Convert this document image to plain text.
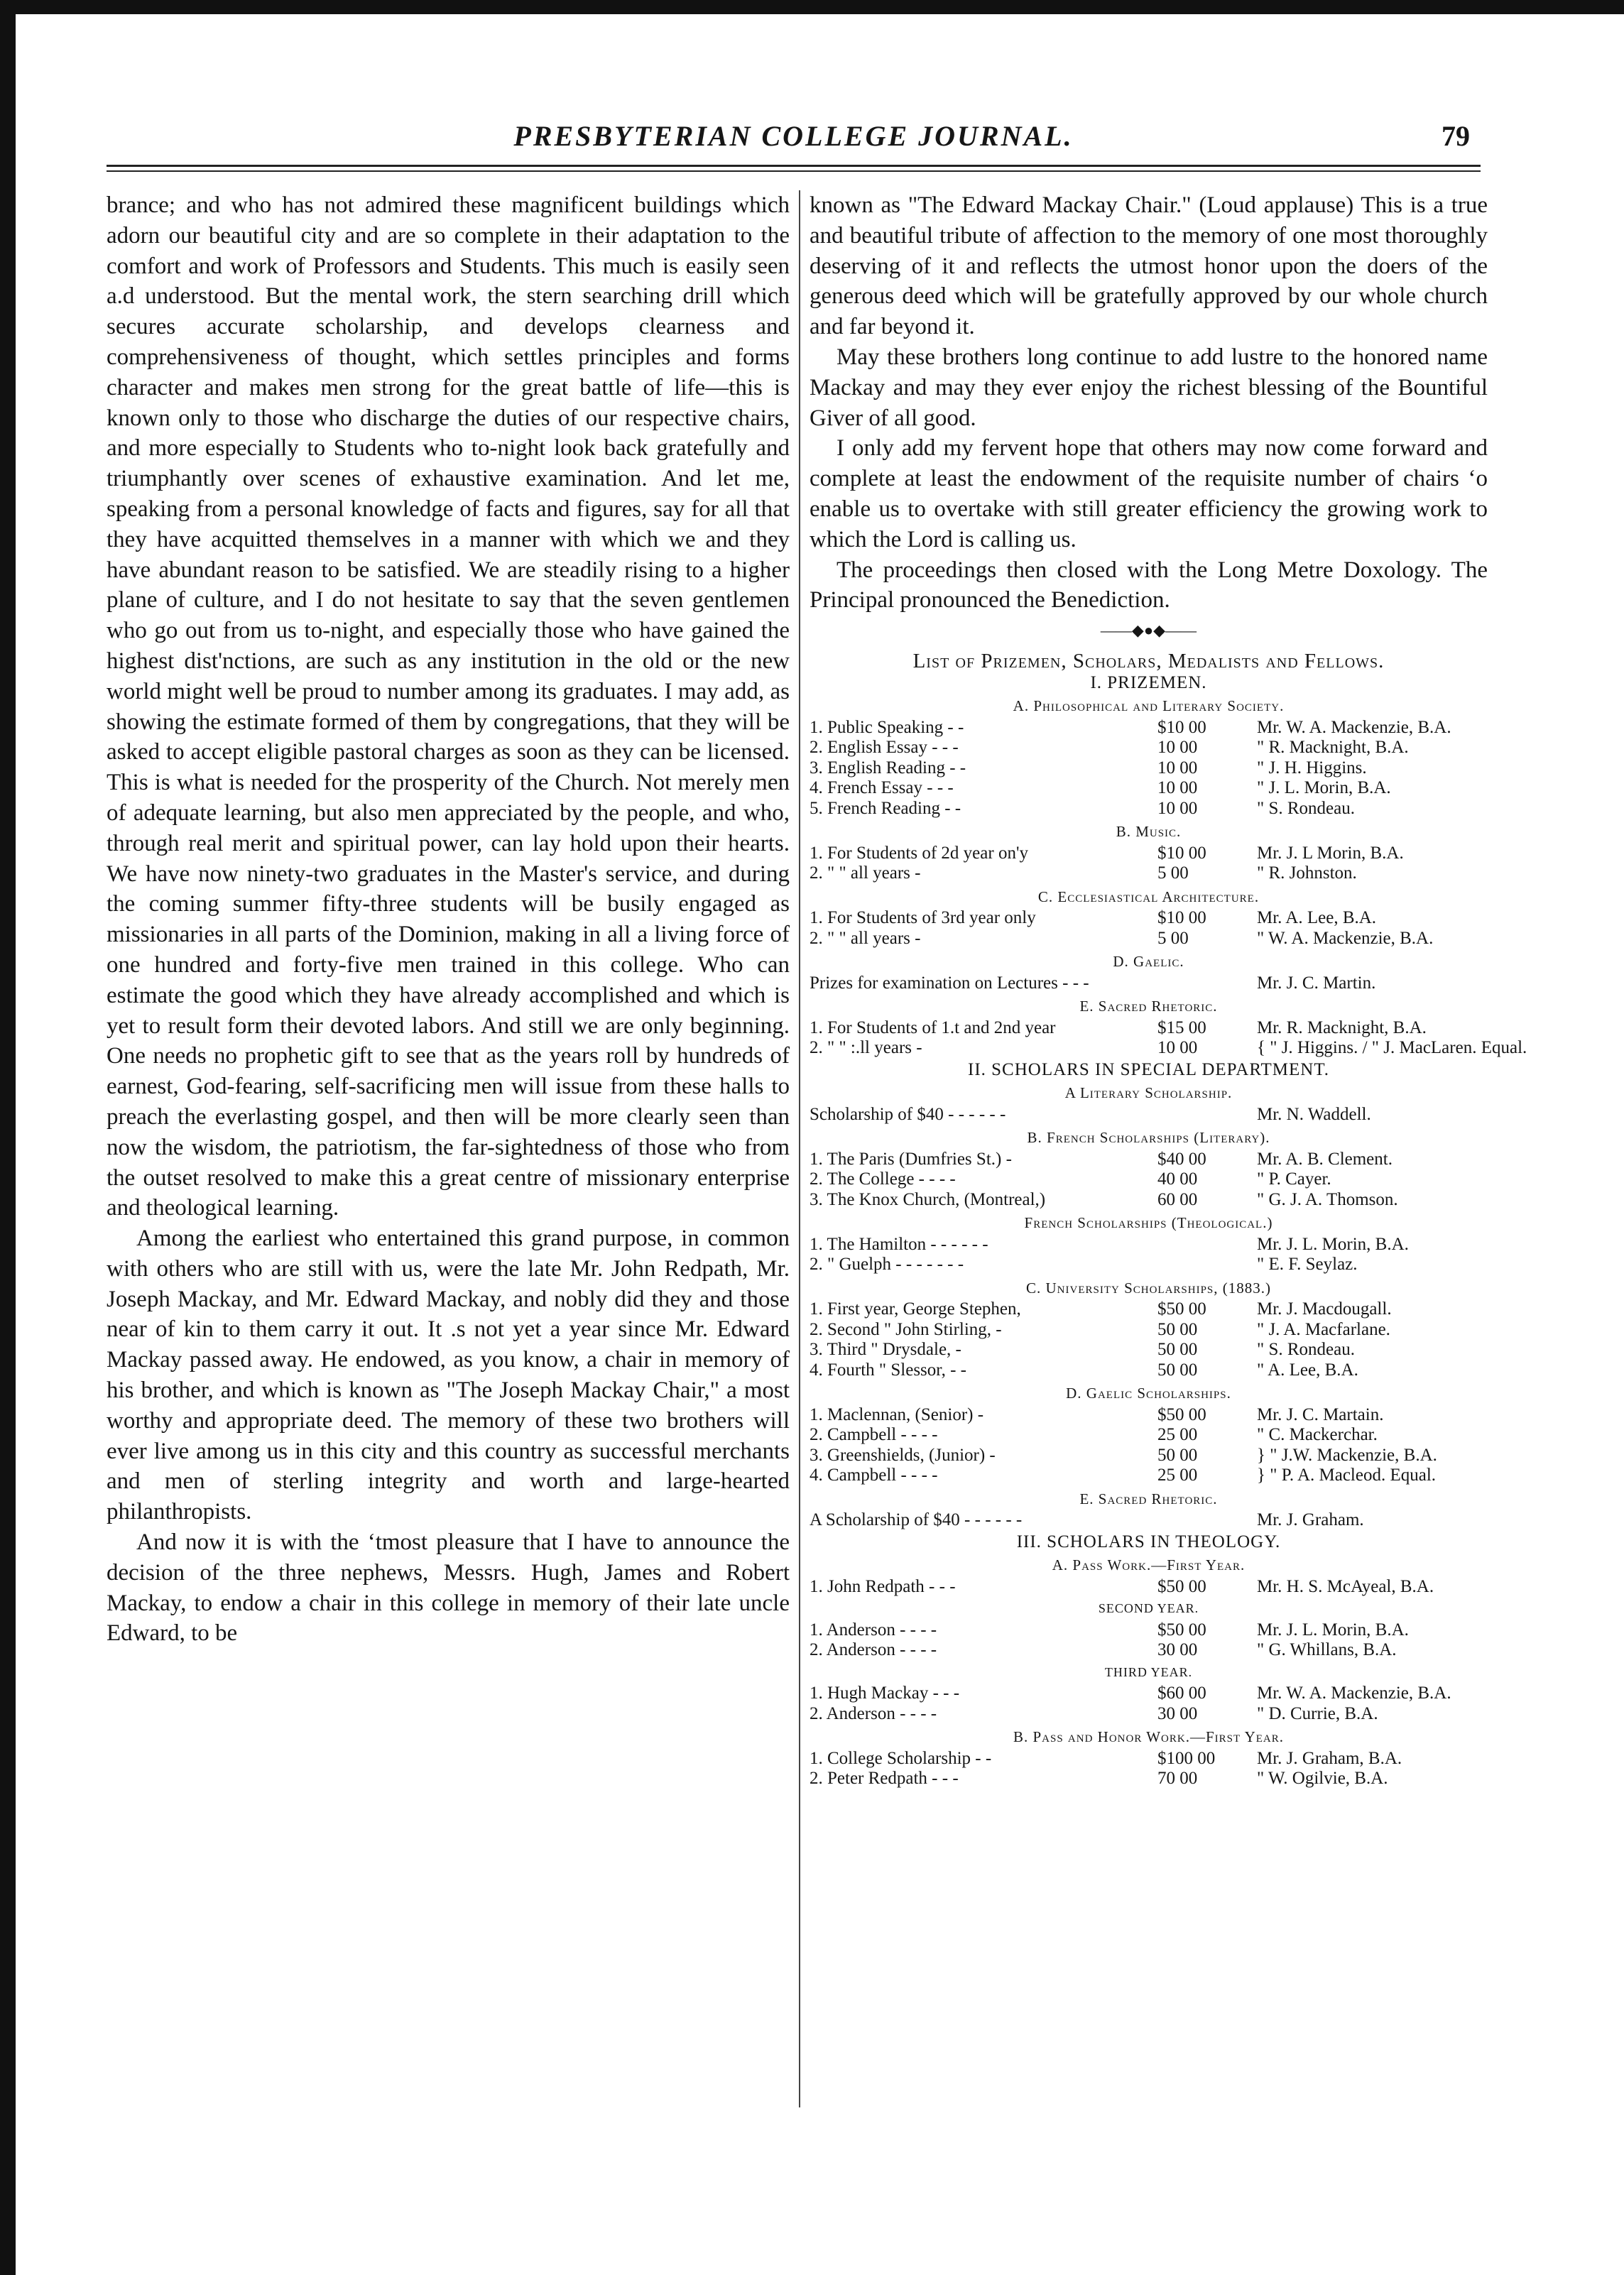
PRESBYTERIAN COLLEGE JOURNAL.	79

brance; and who has not admired these magnificent buildings which adorn our beautiful city and are so complete in their adaptation to the comfort and work of Professors and Students. This much is easily seen a.d understood. But the mental work, the stern searching drill which secures accurate scholarship, and develops clearness and comprehensiveness of thought, which settles principles and forms character and makes men strong for the great battle of life—this is known only to those who discharge the duties of our respective chairs, and more especially to Students who to-night look back gratefully and triumphantly over scenes of exhaustive examination. And let me, speaking from a personal knowledge of facts and figures, say for all that they have acquitted themselves in a manner with which we and they have abundant reason to be satisfied. We are steadily rising to a higher plane of culture, and I do not hesitate to say that the seven gentlemen who go out from us to-night, and especially those who have gained the highest dist'nctions, are such as any institution in the old or the new world might well be proud to number among its graduates. I may add, as showing the estimate formed of them by congregations, that they will be asked to accept eligible pastoral charges as soon as they can be licensed. This is what is needed for the prosperity of the Church. Not merely men of adequate learning, but also men appreciated by the people, and who, through real merit and spiritual power, can lay hold upon their hearts. We have now ninety-two graduates in the Master's service, and during the coming summer fifty-three students will be busily engaged as missionaries in all parts of the Dominion, making in all a living force of one hundred and forty-five men trained in this college. Who can estimate the good which they have already accomplished and which is yet to result form their devoted labors. And still we are only beginning. One needs no prophetic gift to see that as the years roll by hundreds of earnest, God-fearing, self-sacrificing men will issue from these halls to preach the everlasting gospel, and then will be more clearly seen than now the wisdom, the patriotism, the far-sightedness of those who from the outset resolved to make this a great centre of missionary enterprise and theological learning.

Among the earliest who entertained this grand purpose, in common with others who are still with us, were the late Mr. John Redpath, Mr. Joseph Mackay, and Mr. Edward Mackay, and nobly did they and those near of kin to them carry it out. It .s not yet a year since Mr. Edward Mackay passed away. He endowed, as you know, a chair in memory of his brother, and which is known as "The Joseph Mackay Chair," a most worthy and appropriate deed. The memory of these two brothers will ever live among us in this city and this country as successful merchants and men of sterling integrity and worth and large-hearted philanthropists.

And now it is with the ʻtmost pleasure that I have to announce the decision of the three nephews, Messrs. Hugh, James and Robert Mackay, to endow a chair in this college in memory of their late uncle Edward, to be

known as "The Edward Mackay Chair." (Loud applause) This is a true and beautiful tribute of affection to the memory of one most thoroughly deserving of it and reflects the utmost honor upon the doers of the generous deed which will be gratefully approved by our whole church and far beyond it.

May these brothers long continue to add lustre to the honored name Mackay and may they ever enjoy the richest blessing of the Bountiful Giver of all good.

I only add my fervent hope that others may now come forward and complete at least the endowment of the requisite number of chairs ʻo enable us to overtake with still greater efficiency the growing work to which the Lord is calling us.

The proceedings then closed with the Long Metre Doxology. The Principal pronounced the Benediction.

——◆●◆——
List of Prizemen, Scholars, Medalists and Fellows.
I. PRIZEMEN.
A. Philosophical and Literary Society.
1. Public Speaking - -	$10 00	Mr. W. A. Mackenzie, B.A.
2. English Essay - - -	10 00	" R. Macknight, B.A.
3. English Reading - -	10 00	" J. H. Higgins.
4. French Essay - - -	10 00	" J. L. Morin, B.A.
5. French Reading - -	10 00	" S. Rondeau.
B. Music.
1. For Students of 2d year on'y	$10 00	Mr. J. L Morin, B.A.
2. " " all years -	5 00	" R. Johnston.
C. Ecclesiastical Architecture.
1. For Students of 3rd year only	$10 00	Mr. A. Lee, B.A.
2. " " all years -	5 00	" W. A. Mackenzie, B.A.
D. Gaelic.
Prizes for examination on Lectures - - -	Mr. J. C. Martin.
E. Sacred Rhetoric.
1. For Students of 1.t and 2nd year	$15 00	Mr. R. Macknight, B.A.
2. " " :.ll years -	10 00	{ " J. Higgins. / " J. MacLaren. Equal.
II. SCHOLARS IN SPECIAL DEPARTMENT.
A Literary Scholarship.
Scholarship of $40 - - - - - -	Mr. N. Waddell.
B. French Scholarships (Literary).
1. The Paris (Dumfries St.) -	$40 00	Mr. A. B. Clement.
2. The College - - - -	40 00	" P. Cayer.
3. The Knox Church, (Montreal,)	60 00	" G. J. A. Thomson.
French Scholarships (Theological.)
1. The Hamilton - - - - - -	Mr. J. L. Morin, B.A.
2. " Guelph - - - - - - -	" E. F. Seylaz.
C. University Scholarships, (1883.)
1. First year, George Stephen,	$50 00	Mr. J. Macdougall.
2. Second " John Stirling, -	50 00	" J. A. Macfarlane.
3. Third " Drysdale, -	50 00	" S. Rondeau.
4. Fourth " Slessor, - -	50 00	" A. Lee, B.A.
D. Gaelic Scholarships.
1. Maclennan, (Senior) -	$50 00	Mr. J. C. Martain.
2. Campbell - - - -	25 00	" C. Mackerchar.
3. Greenshields, (Junior) -	50 00	} " J.W. Mackenzie, B.A.
4. Campbell - - - -	25 00	} " P. A. Macleod. Equal.
E. Sacred Rhetoric.
A Scholarship of $40 - - - - - -	Mr. J. Graham.
III. SCHOLARS IN THEOLOGY.
A. Pass Work.—First Year.
1. John Redpath - - -	$50 00	Mr. H. S. McAyeal, B.A.
SECOND YEAR.
1. Anderson - - - -	$50 00	Mr. J. L. Morin, B.A.
2. Anderson - - - -	30 00	" G. Whillans, B.A.
THIRD YEAR.
1. Hugh Mackay - - -	$60 00	Mr. W. A. Mackenzie, B.A.
2. Anderson - - - -	30 00	" D. Currie, B.A.
B. Pass and Honor Work.—First Year.
1. College Scholarship - -	$100 00	Mr. J. Graham, B.A.
2. Peter Redpath - - -	70 00	" W. Ogilvie, B.A.
